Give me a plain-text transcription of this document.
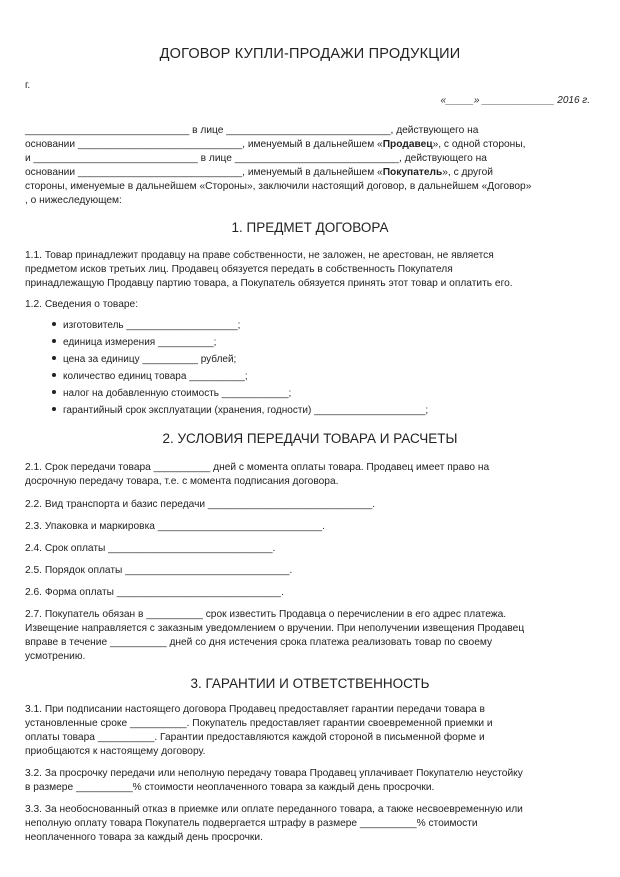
ДОГОВОР КУПЛИ-ПРОДАЖИ ПРОДУКЦИИ
г.
«_____» _____________ 2016 г.
_____________________________ в лице _____________________________, действующего на
основании _____________________________, именуемый в дальнейшем «Продавец», с одной стороны,
и _____________________________ в лице _____________________________, действующего на
основании _____________________________, именуемый в дальнейшем «Покупатель», с другой
стороны, именуемые в дальнейшем «Стороны», заключили настоящий договор, в дальнейшем «Договор»
, о нижеследующем:
1. ПРЕДМЕТ ДОГОВОРА
1.1. Товар принадлежит продавцу на праве собственности, не заложен, не арестован, не является
предметом исков третьих лиц. Продавец обязуется передать в собственность Покупателя
принадлежащую Продавцу партию товара, а Покупатель обязуется принять этот товар и оплатить его.
1.2. Сведения о товаре:
изготовитель ____________________;
единица измерения __________;
цена за единицу __________ рублей;
количество единиц товара __________;
налог на добавленную стоимость ____________;
гарантийный срок эксплуатации (хранения, годности) ____________________;
2. УСЛОВИЯ ПЕРЕДАЧИ ТОВАРА И РАСЧЕТЫ
2.1. Срок передачи товара __________ дней с момента оплаты товара. Продавец имеет право на
досрочную передачу товара, т.е. с момента подписания договора.
2.2. Вид транспорта и базис передачи _____________________________.
2.3. Упаковка и маркировка _____________________________.
2.4. Срок оплаты _____________________________.
2.5. Порядок оплаты _____________________________.
2.6. Форма оплаты _____________________________.
2.7. Покупатель обязан в __________ срок известить Продавца о перечислении в его адрес платежа.
Извещение направляется с заказным уведомлением о вручении. При неполучении извещения Продавец
вправе в течение __________ дней со дня истечения срока платежа реализовать товар по своему
усмотрению.
3. ГАРАНТИИ И ОТВЕТСТВЕННОСТЬ
3.1. При подписании настоящего договора Продавец предоставляет гарантии передачи товара в
установленные сроке __________. Покупатель предоставляет гарантии своевременной приемки и
оплаты товара __________. Гарантии предоставляются каждой стороной в письменной форме и
приобщаются к настоящему договору.
3.2. За просрочку передачи или неполную передачу товара Продавец уплачивает Покупателю неустойку
в размере __________% стоимости неоплаченного товара за каждый день просрочки.
3.3. За необоснованный отказ в приемке или оплате переданного товара, а также несвоевременную или
неполную оплату товара Покупатель подвергается штрафу в размере __________% стоимости
неоплаченного товара за каждый день просрочки.
